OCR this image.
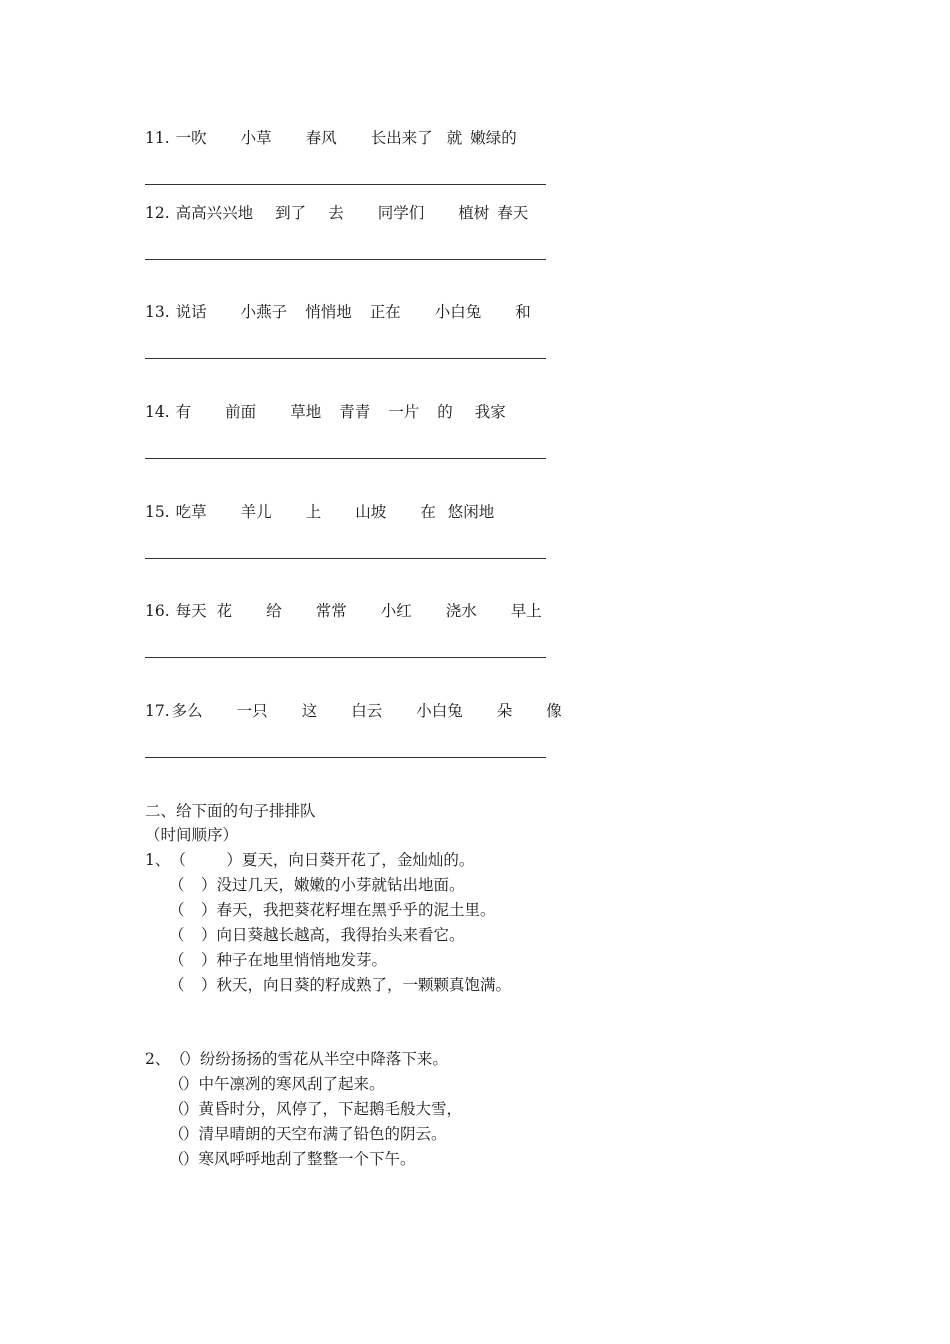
11. 一吹 小草 春风 长出来了 就 嫩绿的
12. 高高兴兴地 到了 去 同学们 植树 春天
13. 说话 小燕子 悄悄地 正在 小白兔 和
14. 有 前面 草地 青青 一片 的 我家
15. 吃草 羊儿 上 山坡 在 悠闲地
16. 每天 花 给 常常 小红 浇水 早上
17. 多么 一只 这 白云 小白兔 朵 像
二、给下面的句子排排队
（时间顺序）
1、 （	） 夏天，向日葵开花了，金灿灿的。
（	） 没过几天，嫩嫩的小芽就钻出地面。
（	） 春天，我把葵花籽埋在黑乎乎的泥土里。
（	） 向日葵越长越高，我得抬头来看它。
（	） 种子在地里悄悄地发芽。
（	） 秋天，向日葵的籽成熟了，一颗颗真饱满。
2、 （
） 纷纷扬扬的雪花从半空中降落下来。
（
） 中午凛冽的寒风刮了起来。
（
） 黄昏时分，风停了，下起鹅毛般大雪，
（
） 清早晴朗的天空布满了铅色的阴云。
（
） 寒风呼呼地刮了整整一个下午。
